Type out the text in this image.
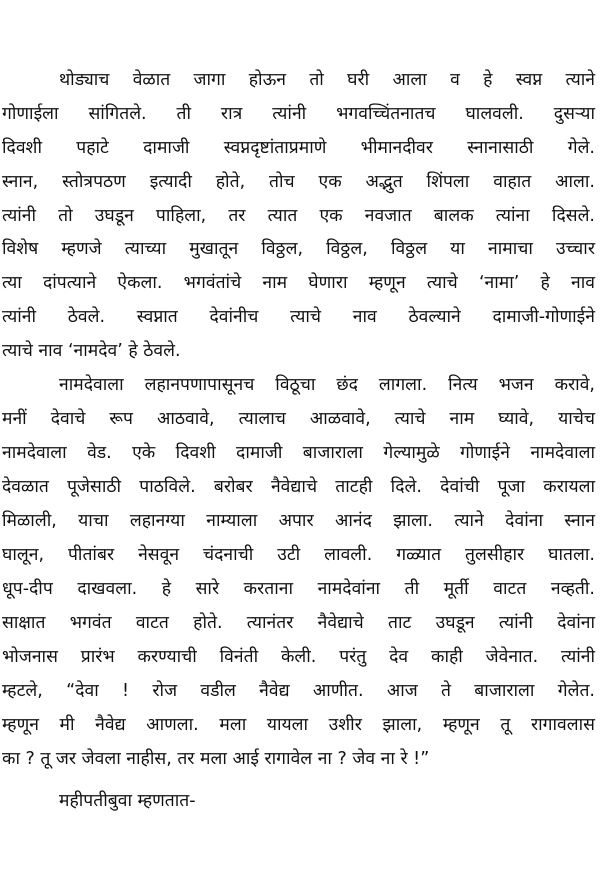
थोड्याच वेळात जागा होऊन तो घरी आला व हे स्वप्न त्याने
गोणाईला सांगितले. ती रात्र त्यांनी भगवच्चिंतनातच घालवली. दुसऱ्या
दिवशी पहाटे दामाजी स्वप्नदृष्टांताप्रमाणे भीमानदीवर स्नानासाठी गेले.
स्नान, स्तोत्रपठण इत्यादी होते, तोच एक अद्भुत शिंपला वाहात आला.
त्यांनी तो उघडून पाहिला, तर त्यात एक नवजात बालक त्यांना दिसले.
विशेष म्हणजे त्याच्या मुखातून विठ्ठल, विठ्ठल, विठ्ठल या नामाचा उच्चार
त्या दांपत्याने ऐकला. भगवंतांचे नाम घेणारा म्हणून त्याचे ‘नामा’ हे नाव
त्यांनी ठेवले. स्वप्नात देवांनीच त्याचे नाव ठेवल्याने दामाजी-गोणाईने
त्याचे नाव ‘नामदेव’ हे ठेवले.
नामदेवाला लहानपणापासूनच विठूचा छंद लागला. नित्य भजन करावे,
मनीं देवाचे रूप आठवावे, त्यालाच आळवावे, त्याचे नाम घ्यावे, याचेच
नामदेवाला वेड. एके दिवशी दामाजी बाजाराला गेल्यामुळे गोणाईने नामदेवाला
देवळात पूजेसाठी पाठविले. बरोबर नैवेद्याचे ताटही दिले. देवांची पूजा करायला
मिळाली, याचा लहानग्या नाम्याला अपार आनंद झाला. त्याने देवांना स्नान
घालून, पीतांबर नेसवून चंदनाची उटी लावली. गळ्यात तुलसीहार घातला.
धूप-दीप दाखवला. हे सारे करताना नामदेवांना ती मूर्ती वाटत नव्हती.
साक्षात भगवंत वाटत होते. त्यानंतर नैवेद्याचे ताट उघडून त्यांनी देवांना
भोजनास प्रारंभ करण्याची विनंती केली. परंतु देव काही जेवेनात. त्यांनी
म्हटले, “देवा ! रोज वडील नैवेद्य आणीत. आज ते बाजाराला गेलेत.
म्हणून मी नैवेद्य आणला. मला यायला उशीर झाला, म्हणून तू रागावलास
का ? तू जर जेवला नाहीस, तर मला आई रागावेल ना ? जेव ना रे !”
महीपतीबुवा म्हणतात-
